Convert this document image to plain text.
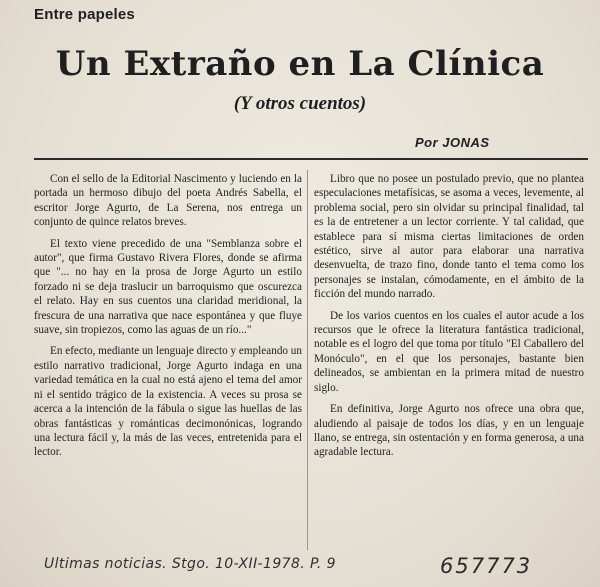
Entre papeles
Un Extraño en La Clínica
(Y otros cuentos)
Por JONAS

Con el sello de la Editorial Nascimento y luciendo en la portada un hermoso dibujo del poeta Andrés Sabella, el escritor Jorge Agurto, de La Serena, nos entrega un conjunto de quince relatos breves.

El texto viene precedido de una "Semblanza sobre el autor", que firma Gustavo Rivera Flores, donde se afirma que "... no hay en la prosa de Jorge Agurto un estilo forzado ni se deja traslucir un barroquismo que oscurezca el relato. Hay en sus cuentos una claridad meridional, la frescura de una narrativa que nace espontánea y que fluye suave, sin tropiezos, como las aguas de un río..."

En efecto, mediante un lenguaje directo y empleando un estilo narrativo tradicional, Jorge Agurto indaga en una variedad temática en la cual no está ajeno el tema del amor ni el sentido trágico de la existencia. A veces su prosa se acerca a la intención de la fábula o sigue las huellas de las obras fantásticas y románticas decimonónicas, logrando una lectura fácil y, la más de las veces, entretenida para el lector.

Libro que no posee un postulado previo, que no plantea especulaciones metafísicas, se asoma a veces, levemente, al problema social, pero sin olvidar su principal finalidad, tal es la de entretener a un lector corriente. Y tal calidad, que establece para sí misma ciertas limitaciones de orden estético, sirve al autor para elaborar una narrativa desenvuelta, de trazo fino, donde tanto el tema como los personajes se instalan, cómodamente, en el ámbito de la ficción del mundo narrado.

De los varios cuentos en los cuales el autor acude a los recursos que le ofrece la literatura fantástica tradicional, notable es el logro del que toma por título "El Caballero del Monóculo", en el que los personajes, bastante bien delineados, se ambientan en la primera mitad de nuestro siglo.

En definitiva, Jorge Agurto nos ofrece una obra que, aludiendo al paisaje de todos los días, y en un lenguaje llano, se entrega, sin ostentación y en forma generosa, a una agradable lectura.

Ultimas noticias. Stgo. 10-XII-1978. P. 9	657773
